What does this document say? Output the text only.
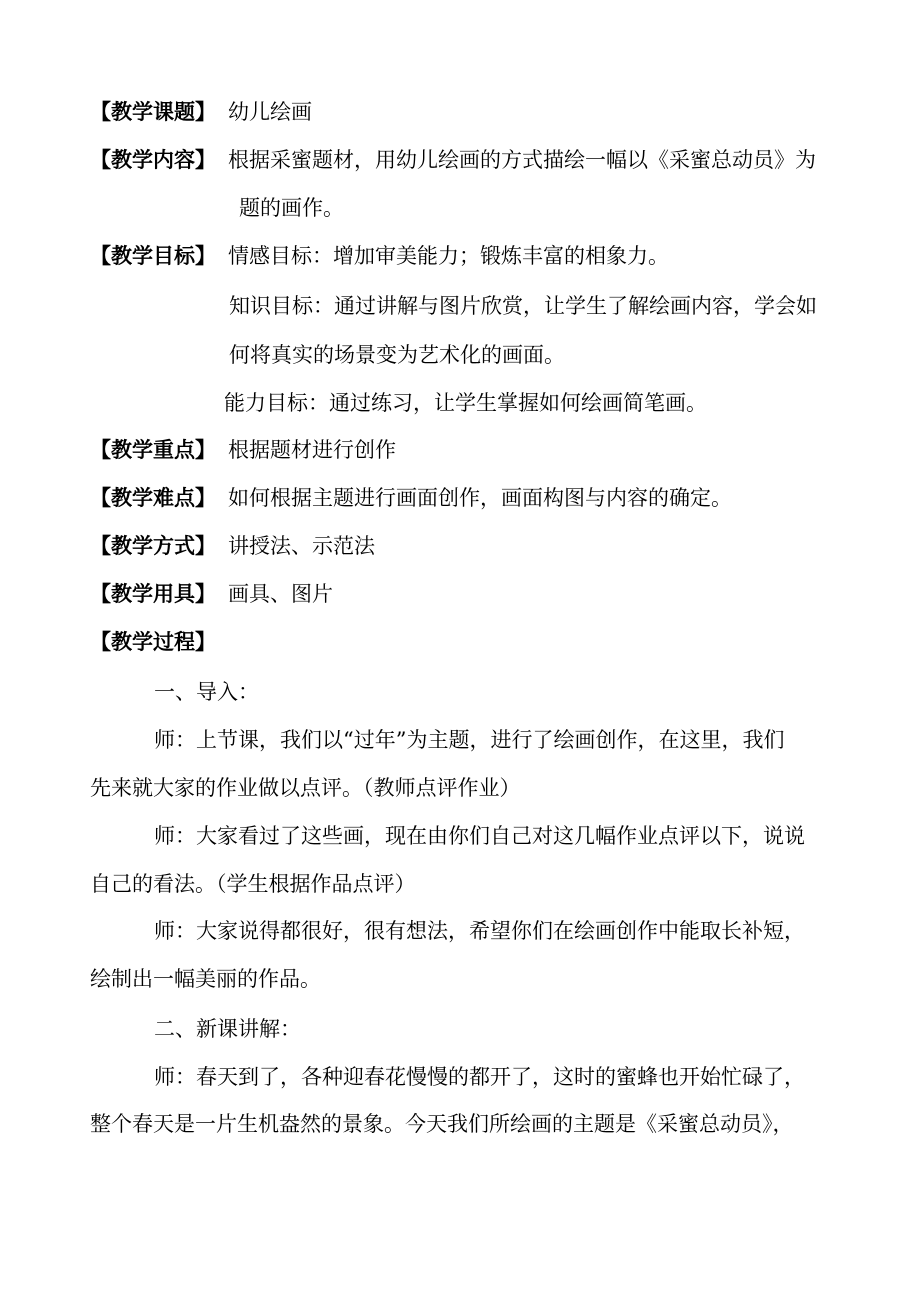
【教学课题】 幼儿绘画
【教学内容】 根据采蜜题材，用幼儿绘画的方式描绘一幅以《采蜜总动员》为
题的画作。
【教学目标】 情感目标：增加审美能力；锻炼丰富的相象力。
知识目标：通过讲解与图片欣赏，让学生了解绘画内容，学会如
何将真实的场景变为艺术化的画面。
能力目标：通过练习，让学生掌握如何绘画简笔画。
【教学重点】 根据题材进行创作
【教学难点】 如何根据主题进行画面创作，画面构图与内容的确定。
【教学方式】 讲授法、示范法
【教学用具】 画具、图片
【教学过程】
一、导入：
师：上节课，我们以“过年”为主题，进行了绘画创作，在这里，我们
先来就大家的作业做以点评。（教师点评作业）
师：大家看过了这些画，现在由你们自己对这几幅作业点评以下，说说
自己的看法。（学生根据作品点评）
师：大家说得都很好，很有想法，希望你们在绘画创作中能取长补短，
绘制出一幅美丽的作品。
二、新课讲解：
师：春天到了，各种迎春花慢慢的都开了，这时的蜜蜂也开始忙碌了，
整个春天是一片生机盎然的景象。今天我们所绘画的主题是《采蜜总动员》，
